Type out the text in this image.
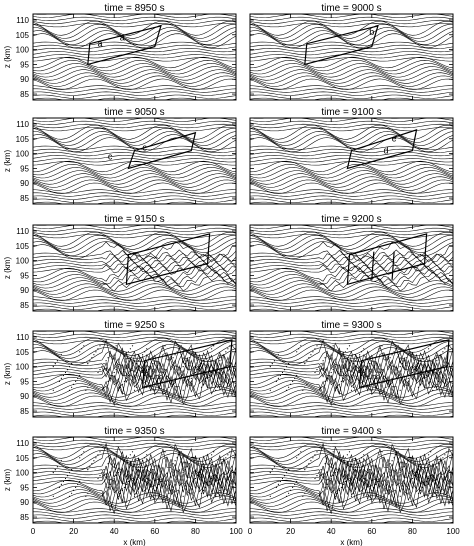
time = 8950 s
a
a
85
90
95
100
105
110
z (km)
time = 9000 s
b
time = 9050 s
c
c
85
90
95
100
105
110
z (km)
time = 9100 s
d
e
time = 9150 s
85
90
95
100
105
110
z (km)
time = 9200 s
time = 9250 s
85
90
95
100
105
110
z (km)
time = 9300 s
time = 9350 s
85
90
95
100
105
110
z (km)
0	20	40	60	80	100
x (km)
time = 9400 s
0	20	40	60	80	100
x (km)
